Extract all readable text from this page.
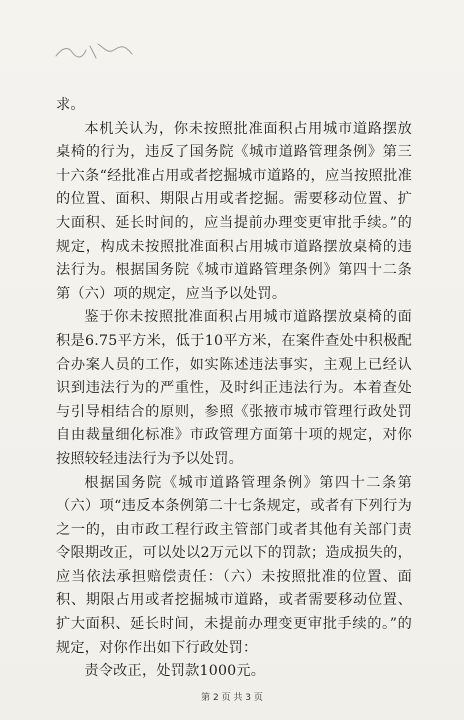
求。

本机关认为，你未按照批准面积占用城市道路摆放桌椅的行为，违反了国务院《城市道路管理条例》第三十六条“经批准占用或者挖掘城市道路的，应当按照批准的位置、面积、期限占用或者挖掘。需要移动位置、扩大面积、延长时间的，应当提前办理变更审批手续。”的规定，构成未按照批准面积占用城市道路摆放桌椅的违法行为。根据国务院《城市道路管理条例》第四十二条第（六）项的规定，应当予以处罚。

鉴于你未按照批准面积占用城市道路摆放桌椅的面积是6.75平方米，低于10平方米，在案件查处中积极配合办案人员的工作，如实陈述违法事实，主观上已经认识到违法行为的严重性，及时纠正违法行为。本着查处与引导相结合的原则，参照《张掖市城市管理行政处罚自由裁量细化标准》市政管理方面第十项的规定，对你按照较轻违法行为予以处罚。

根据国务院《城市道路管理条例》第四十二条第（六）项“违反本条例第二十七条规定，或者有下列行为之一的，由市政工程行政主管部门或者其他有关部门责令限期改正，可以处以2万元以下的罚款；造成损失的，应当依法承担赔偿责任：（六）未按照批准的位置、面积、期限占用或者挖掘城市道路，或者需要移动位置、扩大面积、延长时间，未提前办理变更审批手续的。”的规定，对你作出如下行政处罚：

责令改正，处罚款1000元。

第 2 页 共 3 页
